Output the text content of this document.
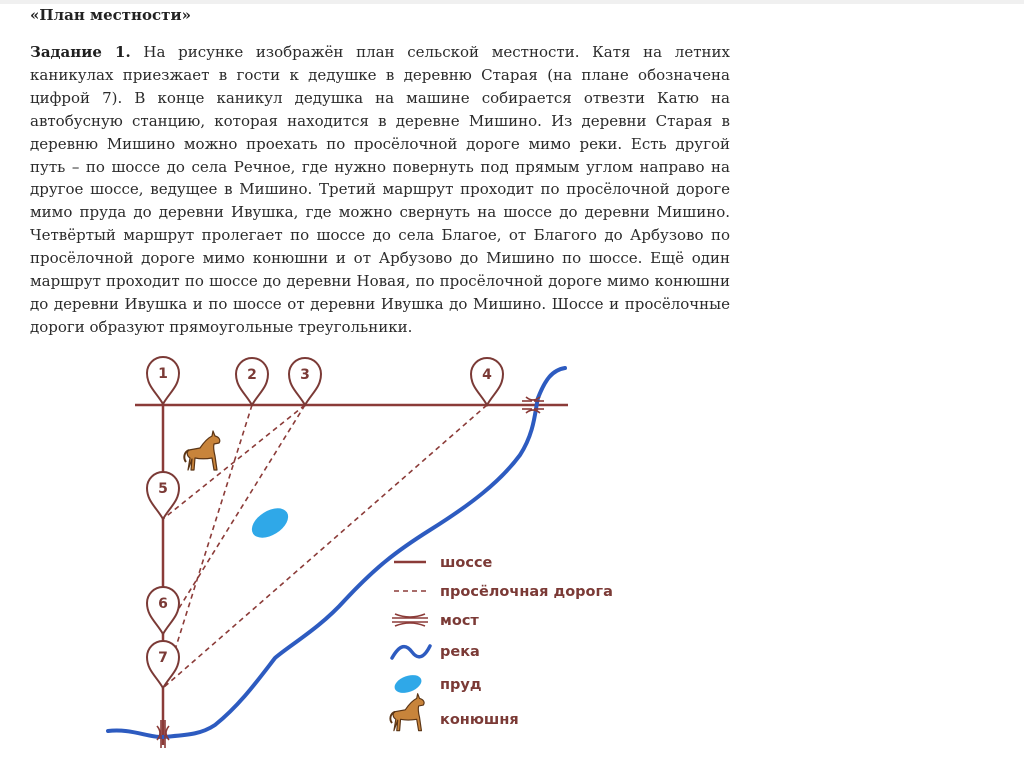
«План местности»
Задание 1. На рисунке изображён план сельской местности. Катя на летних каникулах приезжает в гости к дедушке в деревню Старая (на плане обозначена цифрой 7). В конце каникул дедушка на машине собирается отвезти Катю на автобусную станцию, которая находится в деревне Мишино. Из деревни Старая в деревню Мишино можно проехать по просёлочной дороге мимо реки. Есть другой путь – по шоссе до села Речное, где нужно повернуть под прямым углом направо на другое шоссе, ведущее в Мишино. Третий маршрут проходит по просёлочной дороге мимо пруда до деревни Ивушка, где можно свернуть на шоссе до деревни Мишино. Четвёртый маршрут пролегает по шоссе до села Благое, от Благого до Арбузово по просёлочной дороге мимо конюшни и от Арбузово до Мишино по шоссе. Ещё один маршрут проходит по шоссе до деревни Новая, по просёлочной дороге мимо конюшни до деревни Ивушка и по шоссе от деревни Ивушка до Мишино. Шоссе и просёлочные дороги образуют прямоугольные треугольники.
1	2	3	4
5
6
7
шоссе
просёлочная дорога
мост
река
пруд
конюшня
